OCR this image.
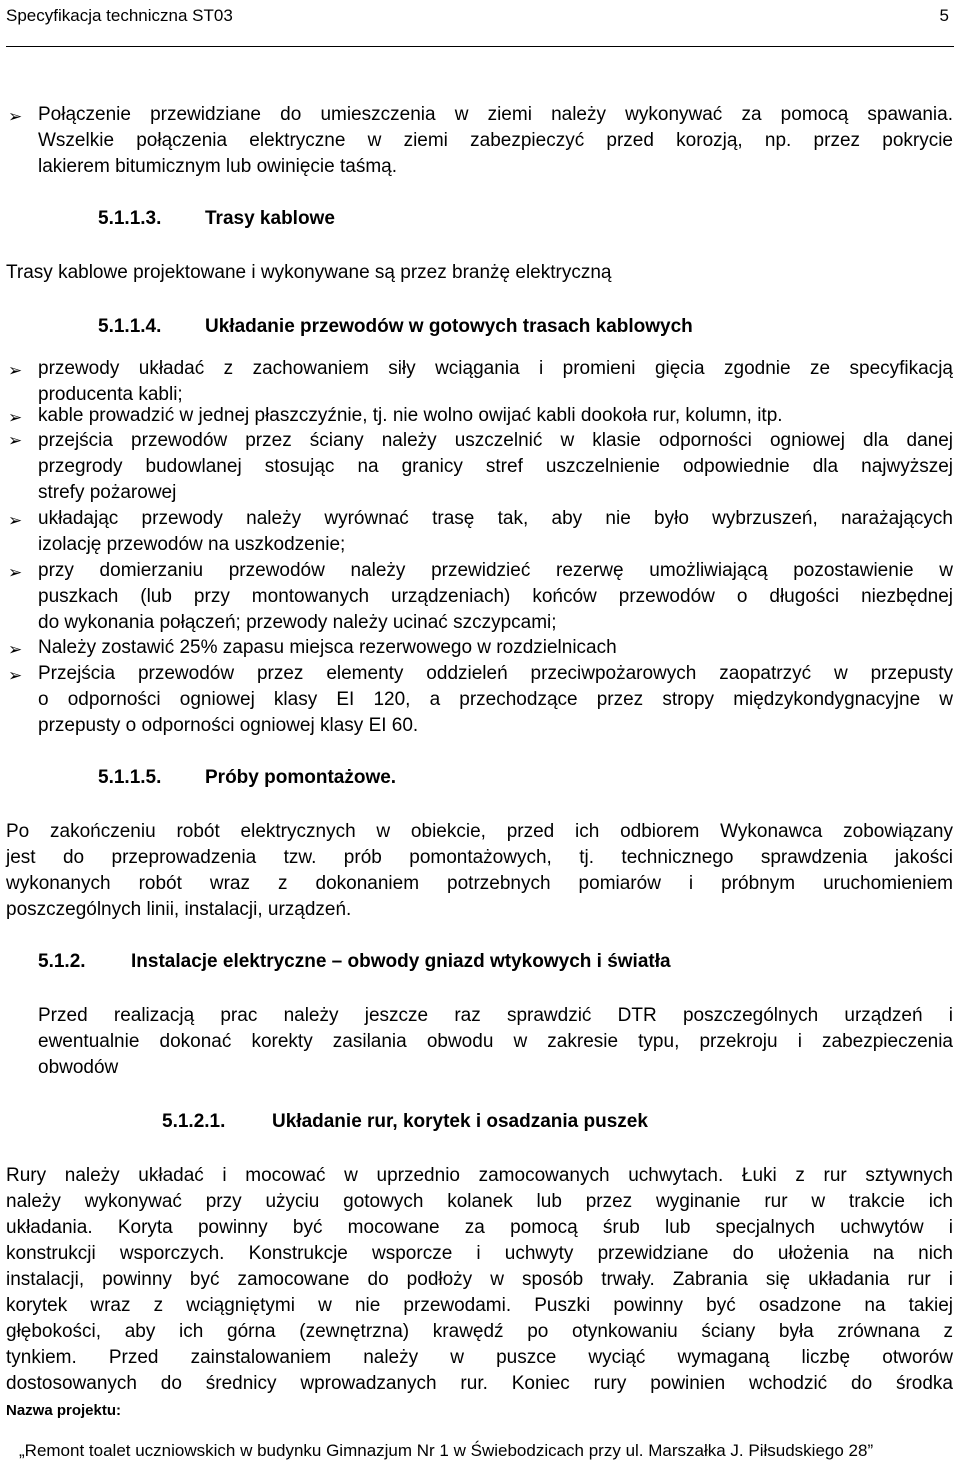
Specyfikacja techniczna ST03	5
➢ Połączenie przewidziane do umieszczenia w ziemi należy wykonywać za pomocą spawania.
Wszelkie połączenia elektryczne w ziemi zabezpieczyć przed korozją, np. przez pokrycie
lakierem bitumicznym lub owinięcie taśmą.
5.1.1.3. Trasy kablowe
Trasy kablowe projektowane i wykonywane są przez branżę elektryczną
5.1.1.4. Układanie przewodów w gotowych trasach kablowych
➢ przewody układać z zachowaniem siły wciągania i promieni gięcia zgodnie ze specyfikacją
producenta kabli;
➢ kable prowadzić w jednej płaszczyźnie, tj. nie wolno owijać kabli dookoła rur, kolumn, itp.
➢ przejścia przewodów przez ściany należy uszczelnić w klasie odporności ogniowej dla danej
przegrody budowlanej stosując na granicy stref uszczelnienie odpowiednie dla najwyższej
strefy pożarowej
➢ układając przewody należy wyrównać trasę tak, aby nie było wybrzuszeń, narażających
izolację przewodów na uszkodzenie;
➢ przy domierzaniu przewodów należy przewidzieć rezerwę umożliwiającą pozostawienie w
puszkach (lub przy montowanych urządzeniach) końców przewodów o długości niezbędnej
do wykonania połączeń; przewody należy ucinać szczypcami;
➢ Należy zostawić 25% zapasu miejsca rezerwowego w rozdzielnicach
➢ Przejścia przewodów przez elementy oddzieleń przeciwpożarowych zaopatrzyć w przepusty
o odporności ogniowej klasy EI 120, a przechodzące przez stropy międzykondygnacyjne w
przepusty o odporności ogniowej klasy EI 60.
5.1.1.5. Próby pomontażowe.
Po zakończeniu robót elektrycznych w obiekcie, przed ich odbiorem Wykonawca zobowiązany
jest do przeprowadzenia tzw. prób pomontażowych, tj. technicznego sprawdzenia jakości
wykonanych robót wraz z dokonaniem potrzebnych pomiarów i próbnym uruchomieniem
poszczególnych linii, instalacji, urządzeń.
5.1.2. Instalacje elektryczne – obwody gniazd wtykowych i światła
Przed realizacją prac należy jeszcze raz sprawdzić DTR poszczególnych urządzeń i
ewentualnie dokonać korekty zasilania obwodu w zakresie typu, przekroju i zabezpieczenia
obwodów
5.1.2.1. Układanie rur, korytek i osadzania puszek
Rury należy układać i mocować w uprzednio zamocowanych uchwytach. Łuki z rur sztywnych
należy wykonywać przy użyciu gotowych kolanek lub przez wyginanie rur w trakcie ich
układania. Koryta powinny być mocowane za pomocą śrub lub specjalnych uchwytów i
konstrukcji wsporczych. Konstrukcje wsporcze i uchwyty przewidziane do ułożenia na nich
instalacji, powinny być zamocowane do podłoży w sposób trwały. Zabrania się układania rur i
korytek wraz z wciągniętymi w nie przewodami. Puszki powinny być osadzone na takiej
głębokości, aby ich górna (zewnętrzna) krawędź po otynkowaniu ściany była zrównana z
tynkiem. Przed zainstalowaniem należy w puszce wyciąć wymaganą liczbę otworów
dostosowanych do średnicy wprowadzanych rur. Koniec rury powinien wchodzić do środka
Nazwa projektu:
„Remont toalet uczniowskich w budynku Gimnazjum Nr 1 w Świebodzicach przy ul. Marszałka J. Piłsudskiego 28”
